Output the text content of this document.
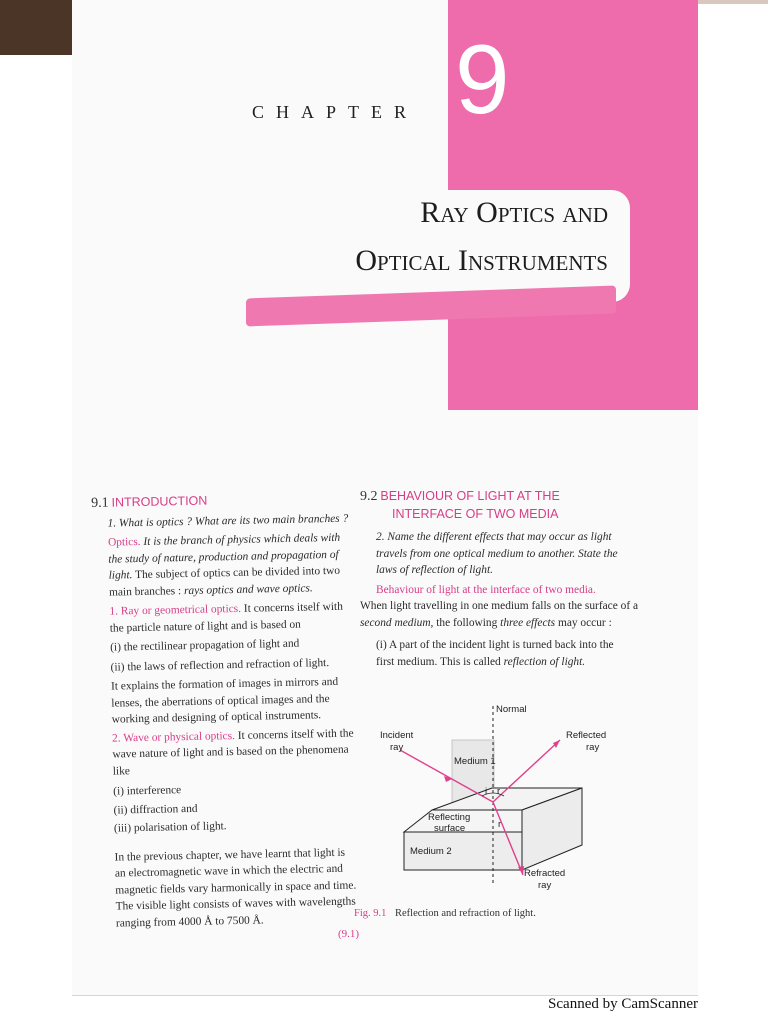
CHAPTER 9
Ray Optics and
Optical Instruments

9.1 INTRODUCTION

1. What is optics ? What are its two main branches ?

Optics. It is the branch of physics which deals with the study of nature, production and propagation of light. The subject of optics can be divided into two main branches : rays optics and wave optics.

1. Ray or geometrical optics. It concerns itself with the particle nature of light and is based on

(i) the rectilinear propagation of light and

(ii) the laws of reflection and refraction of light.

It explains the formation of images in mirrors and lenses, the aberrations of optical images and the working and designing of optical instruments.

2. Wave or physical optics. It concerns itself with the wave nature of light and is based on the phenomena like

(i) interference

(ii) diffraction and

(iii) polarisation of light.

In the previous chapter, we have learnt that light is an electromagnetic wave in which the electric and magnetic fields vary harmonically in space and time. The visible light consists of waves with wavelengths ranging from 4000 Å to 7500 Å.

9.2 BEHAVIOUR OF LIGHT AT THE
INTERFACE OF TWO MEDIA

2. Name the different effects that may occur as light travels from one optical medium to another. State the laws of reflection of light.

Behaviour of light at the interface of two media.

When light travelling in one medium falls on the surface of a second medium, the following three effects may occur :

(i) A part of the incident light is turned back into the first medium. This is called reflection of light.

Normal
Incident
ray
Reflected
ray
Medium 1
Reflecting
surface
Medium 2
Refracted
ray
i r
r
Fig. 9.1 Reflection and refraction of light.
(9.1)
Scanned by CamScanner
